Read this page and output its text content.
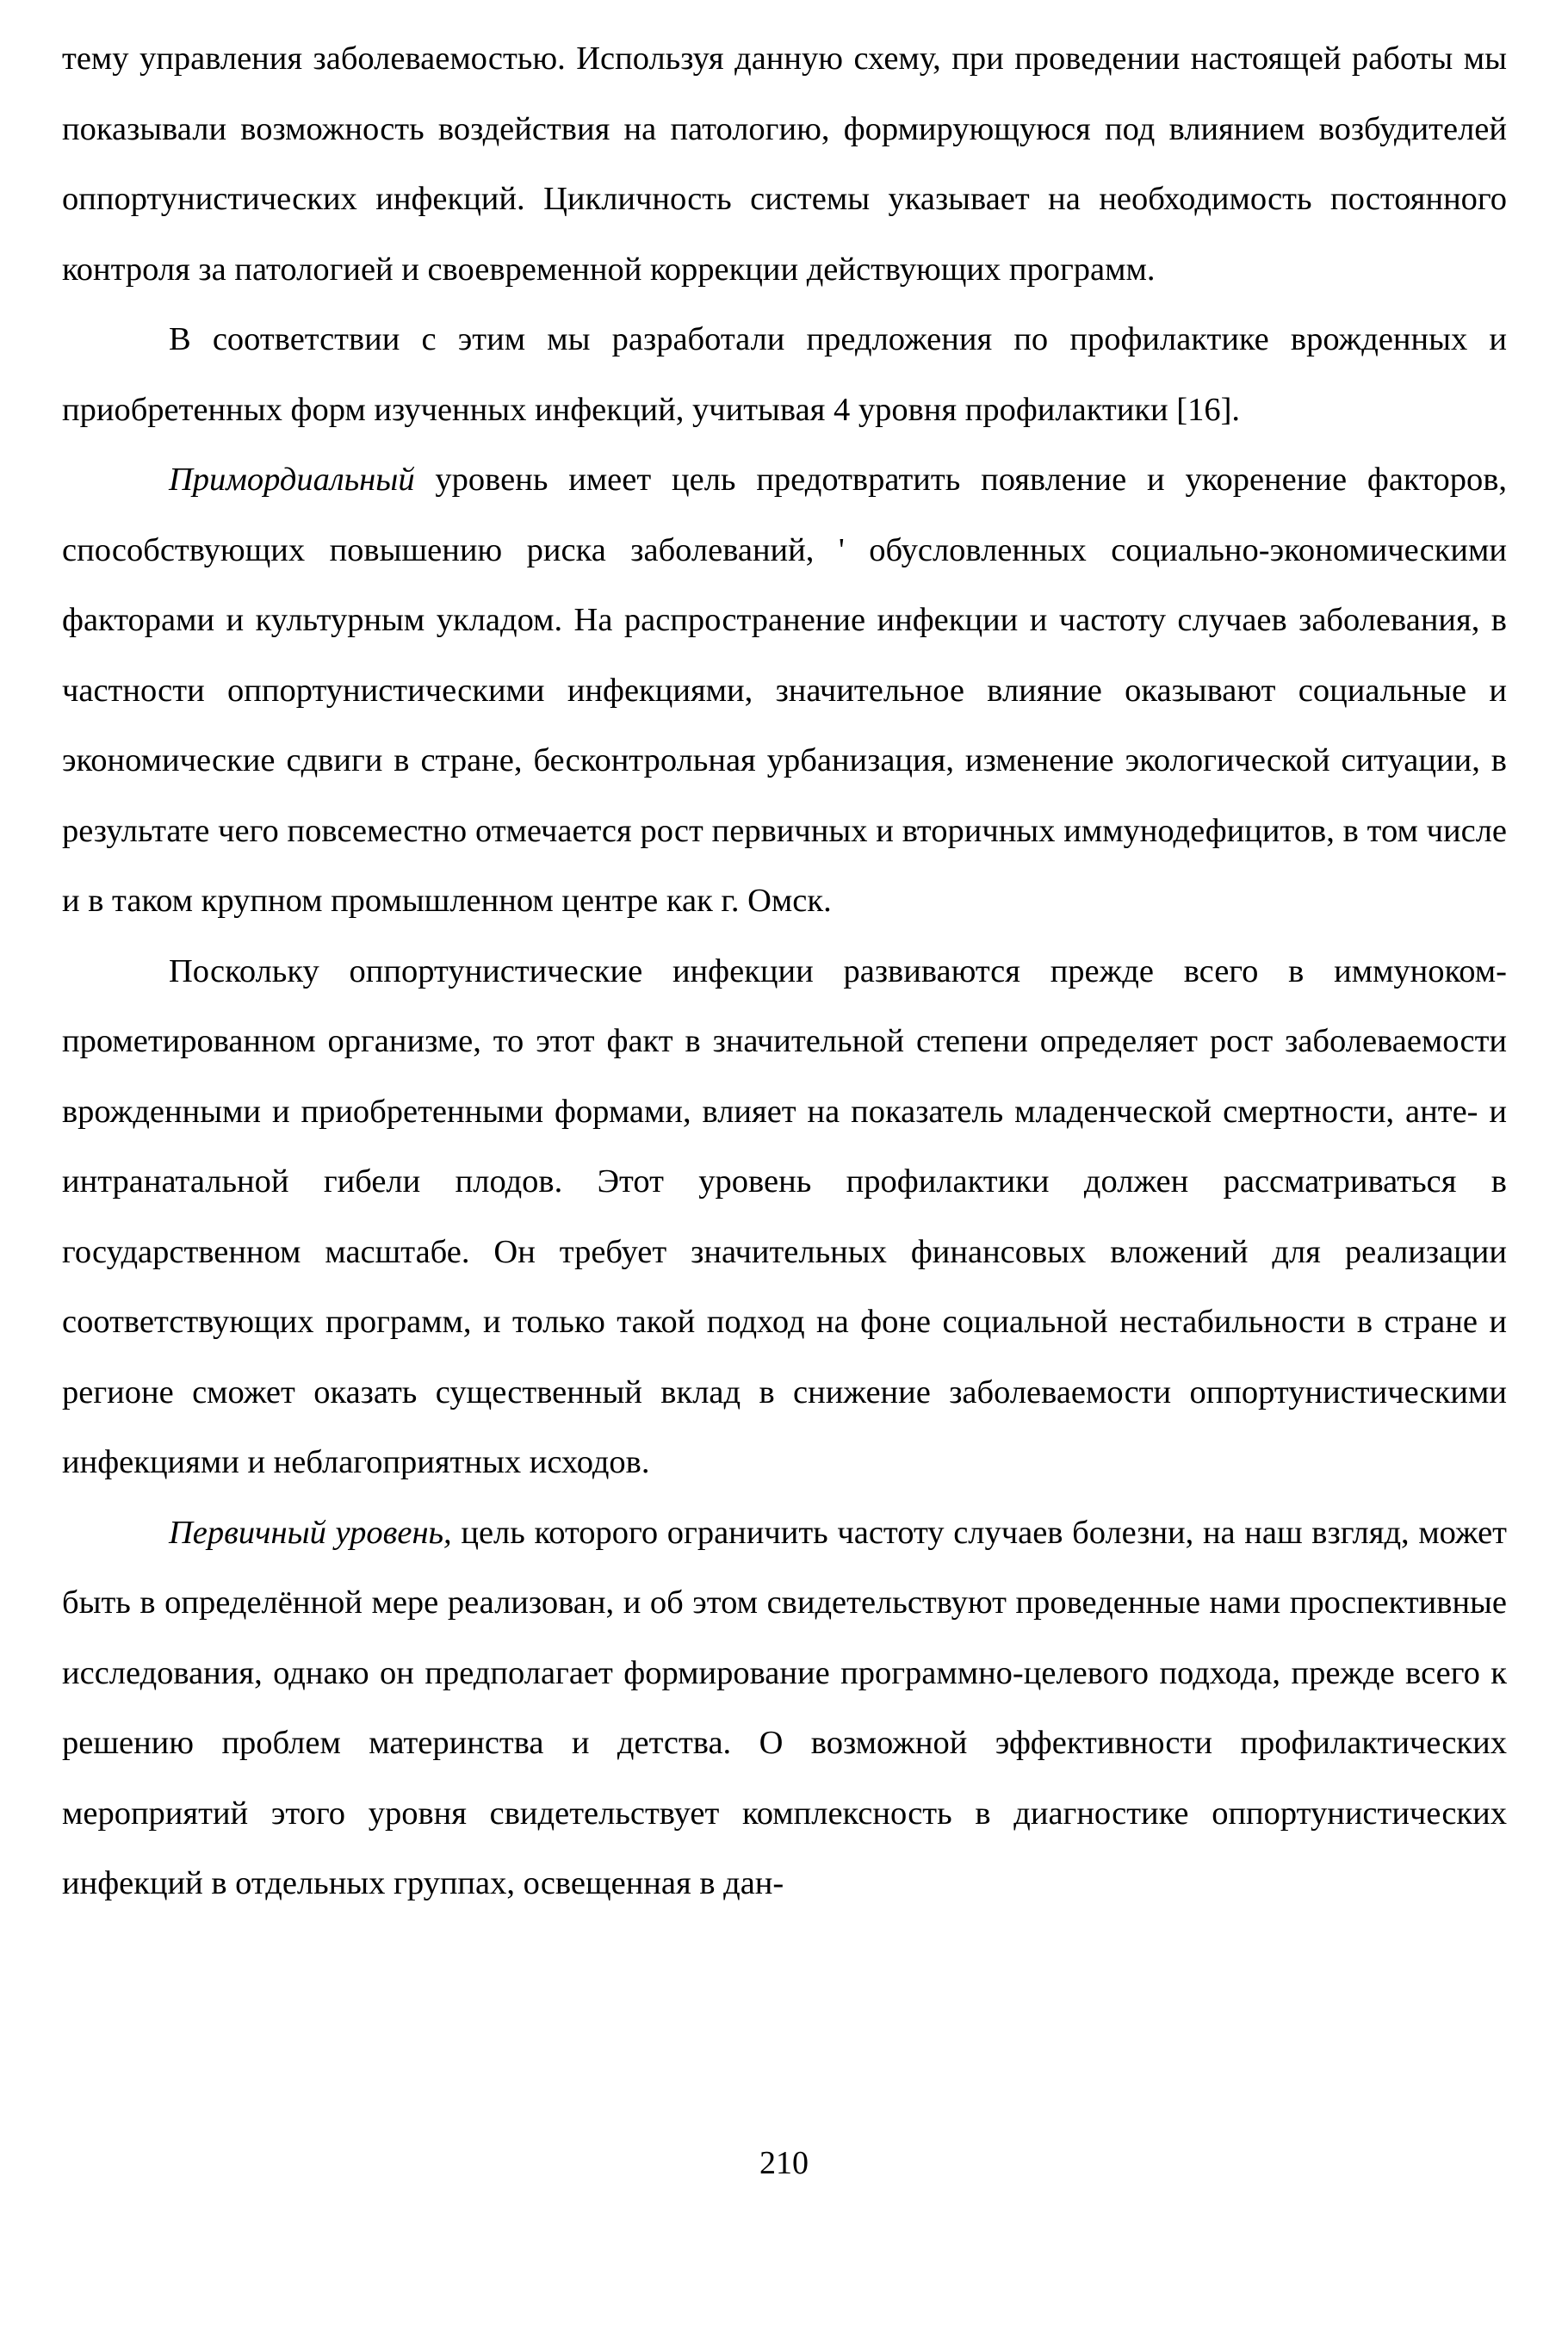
тему управления заболеваемостью. Используя данную схему, при проведении настоящей работы мы показывали возможность воздействия на патологию, формирующуюся под влиянием возбудителей оппортунистических инфекций. Цикличность системы указывает на необходимость постоянного контроля за патологией и своевременной коррекции действующих программ.

В соответствии с этим мы разработали предложения по профилактике врожденных и приобретенных форм изученных инфекций, учитывая 4 уровня профилактики [16].

Примордиальный уровень имеет цель предотвратить появление и укоренение факторов, способствующих повышению риска заболеваний, ' обусловленных социально-экономическими факторами и культурным укладом. На распространение инфекции и частоту случаев заболевания, в частности оппортунистическими инфекциями, значительное влияние оказывают социальные и экономические сдвиги в стране, бесконтрольная урбанизация, изменение экологической ситуации, в результате чего повсеместно отмечается рост первичных и вторичных иммунодефицитов, в том числе и в таком крупном промышленном центре как г. Омск.

Поскольку оппортунистические инфекции развиваются прежде всего в иммунокомпрометированном организме, то этот факт в значительной степени определяет рост заболеваемости врожденными и приобретенными формами, влияет на показатель младенческой смертности, анте- и интранатальной гибели плодов. Этот уровень профилактики должен рассматриваться в государственном масштабе. Он требует значительных финансовых вложений для реализации соответствующих программ, и только такой подход на фоне социальной нестабильности в стране и регионе сможет оказать существенный вклад в снижение заболеваемости оппортунистическими инфекциями и неблагоприятных исходов.

Первичный уровень, цель которого ограничить частоту случаев болезни, на наш взгляд, может быть в определённой мере реализован, и об этом свидетельствуют проведенные нами проспективные исследования, однако он предполагает формирование программно-целевого подхода, прежде всего к решению проблем материнства и детства. О возможной эффективности профилактических мероприятий этого уровня свидетельствует комплексность в диагностике оппортунистических инфекций в отдельных группах, освещенная в дан-

210
